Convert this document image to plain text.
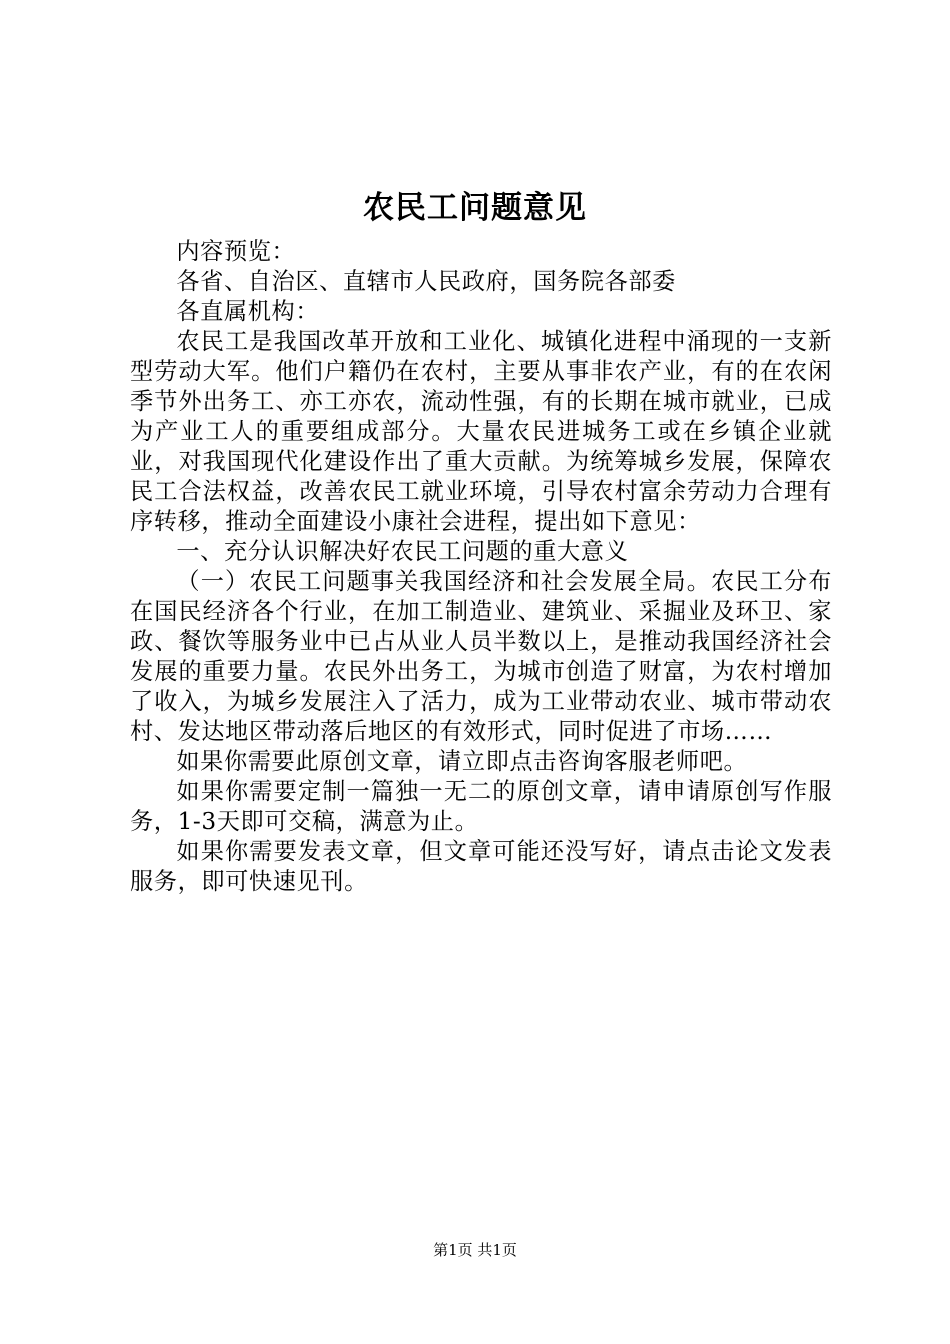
农民工问题意见

内容预览：

各省、自治区、直辖市人民政府，国务院各部委

各直属机构：

农民工是我国改革开放和工业化、城镇化进程中涌现的一支新型劳动大军。他们户籍仍在农村，主要从事非农产业，有的在农闲季节外出务工、亦工亦农，流动性强，有的长期在城市就业，已成为产业工人的重要组成部分。大量农民进城务工或在乡镇企业就业，对我国现代化建设作出了重大贡献。为统筹城乡发展，保障农民工合法权益，改善农民工就业环境，引导农村富余劳动力合理有序转移，推动全面建设小康社会进程，提出如下意见：

一、充分认识解决好农民工问题的重大意义

（一）农民工问题事关我国经济和社会发展全局。农民工分布在国民经济各个行业，在加工制造业、建筑业、采掘业及环卫、家政、餐饮等服务业中已占从业人员半数以上，是推动我国经济社会发展的重要力量。农民外出务工，为城市创造了财富，为农村增加了收入，为城乡发展注入了活力，成为工业带动农业、城市带动农村、发达地区带动落后地区的有效形式，同时促进了市场……

如果你需要此原创文章，请立即点击咨询客服老师吧。

如果你需要定制一篇独一无二的原创文章，请申请原创写作服务，1-3天即可交稿，满意为止。

如果你需要发表文章，但文章可能还没写好，请点击论文发表服务，即可快速见刊。

第1页 共1页
